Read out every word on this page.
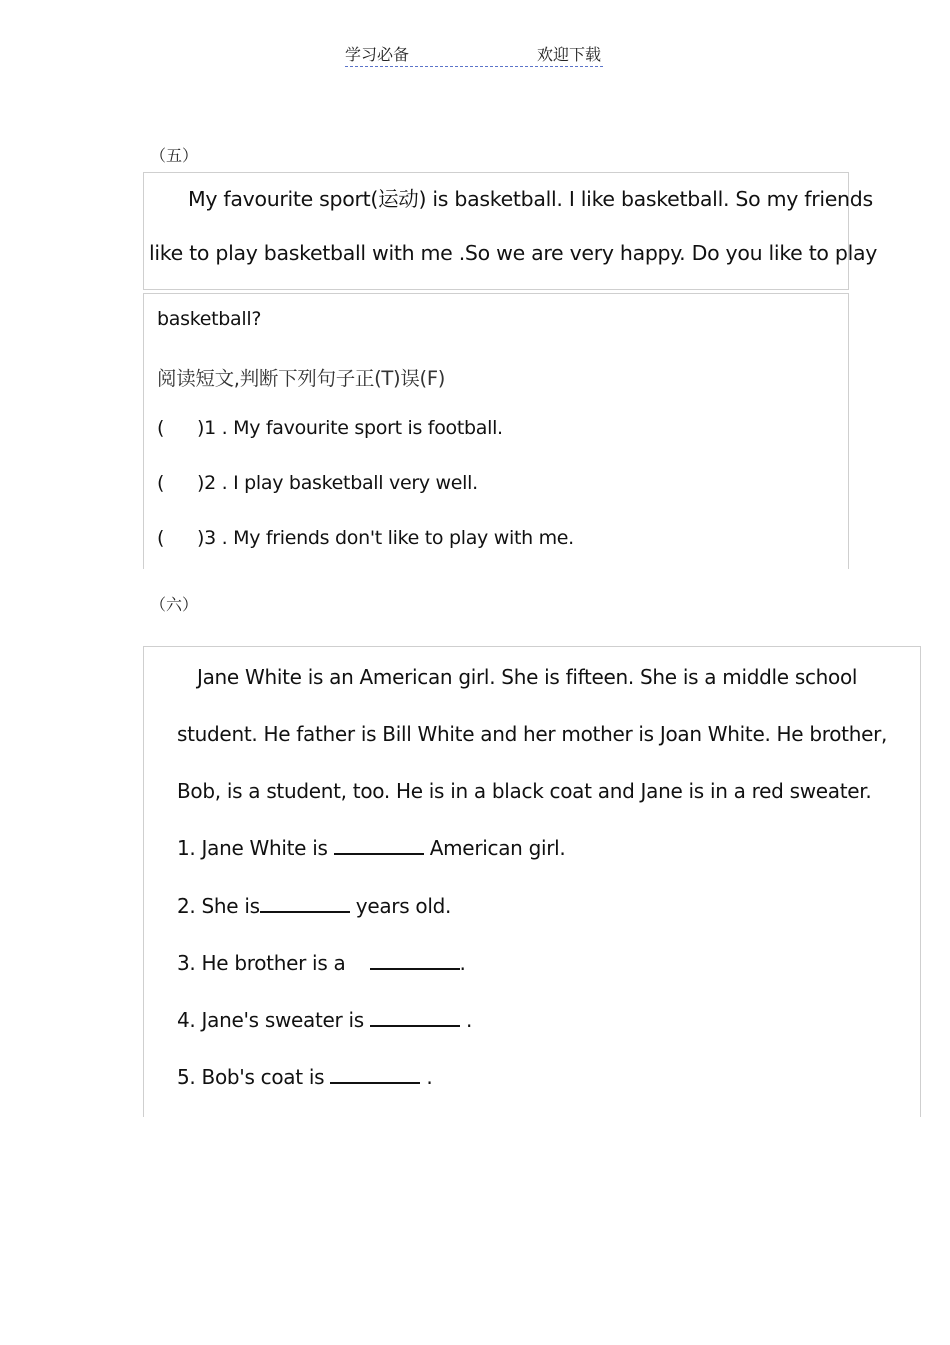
学习必备	欢迎下载
（五）
My favourite sport(运动) is basketball. I like basketball. So my friends
like to play basketball with me .So we are very happy. Do you like to play
basketball?
阅读短文,判断下列句子正(T)误(F)
( )1 . My favourite sport is football.
( )2 . I play basketball very well.
( )3 . My friends don't like to play with me.
（六）
Jane White is an American girl. She is fifteen. She is a middle school
student. He father is Bill White and her mother is Joan White. He brother,
Bob, is a student, too. He is in a black coat and Jane is in a red sweater.
1. Jane White is	American girl.
2. She is	years old.
3. He brother is a	.
4. Jane's sweater is	.
5. Bob's coat is	.
